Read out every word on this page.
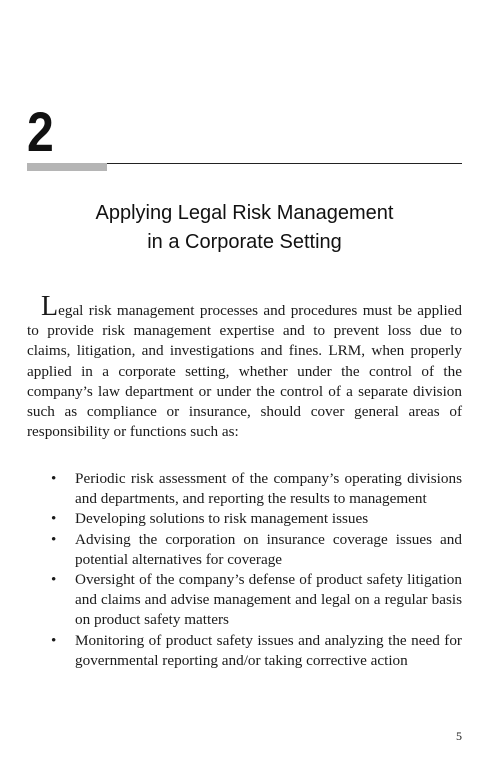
2
Applying Legal Risk Management
in a Corporate Setting

Legal risk management processes and procedures must be applied to provide risk management expertise and to prevent loss due to claims, litigation, and investigations and fines. LRM, when properly applied in a corporate setting, whether under the control of the company’s law department or under the control of a separate division such as compliance or insurance, should cover general areas of responsibility or functions such as:

• Periodic risk assessment of the company’s operating divisions and departments, and reporting the results to management
• Developing solutions to risk management issues
• Advising the corporation on insurance coverage issues and potential alternatives for coverage
• Oversight of the company’s defense of product safety litigation and claims and advise management and legal on a regular basis on product safety matters
• Monitoring of product safety issues and analyzing the need for governmental reporting and/or taking corrective action
5
